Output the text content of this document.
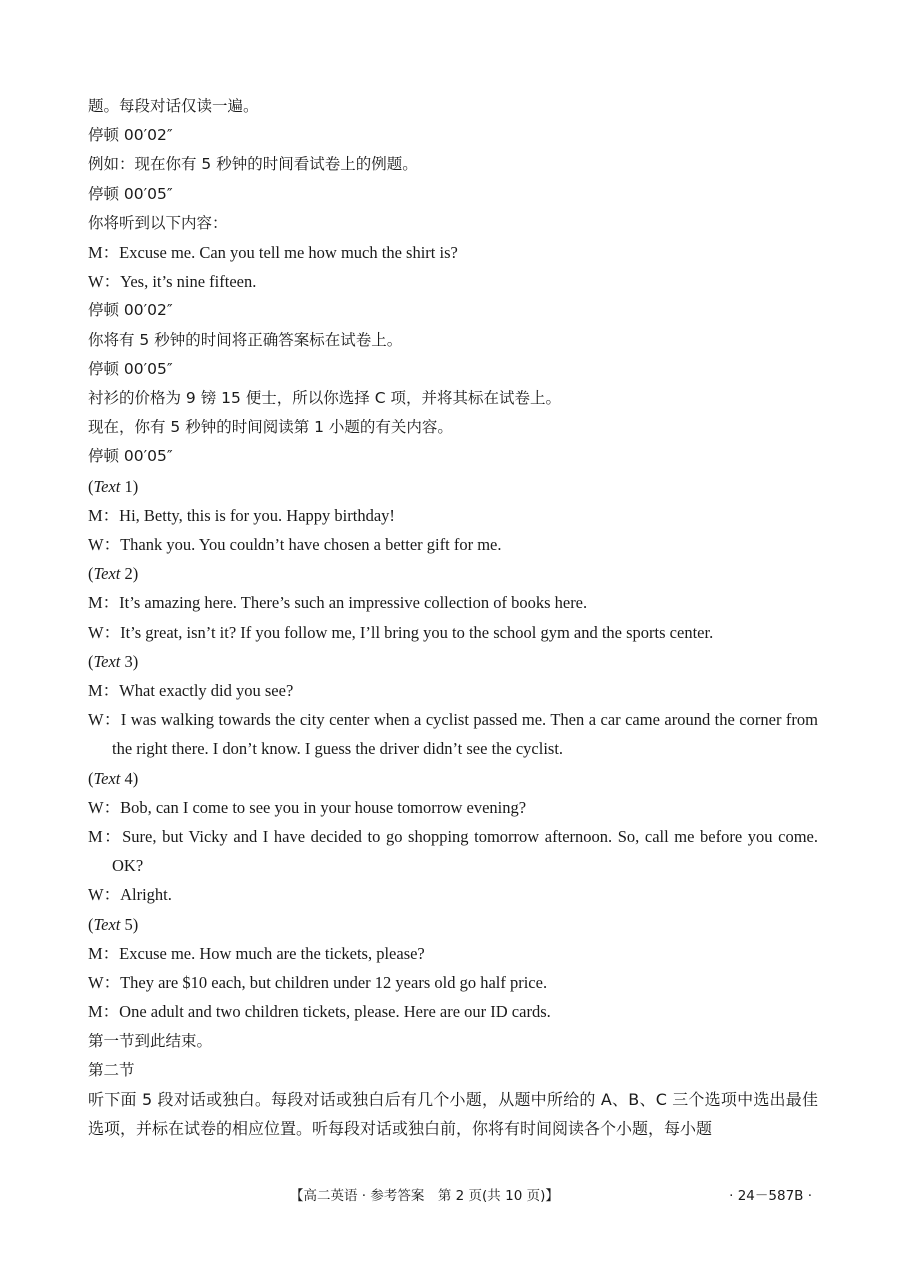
题。每段对话仅读一遍。
停顿 00′02″
例如：现在你有 5 秒钟的时间看试卷上的例题。
停顿 00′05″
你将听到以下内容：
M：Excuse me. Can you tell me how much the shirt is?
W：Yes, it’s nine fifteen.
停顿 00′02″
你将有 5 秒钟的时间将正确答案标在试卷上。
停顿 00′05″
衬衫的价格为 9 镑 15 便士，所以你选择 C 项，并将其标在试卷上。
现在，你有 5 秒钟的时间阅读第 1 小题的有关内容。
停顿 00′05″
(Text 1)
M：Hi, Betty, this is for you. Happy birthday!
W：Thank you. You couldn’t have chosen a better gift for me.
(Text 2)
M：It’s amazing here. There’s such an impressive collection of books here.
W：It’s great, isn’t it? If you follow me, I’ll bring you to the school gym and the sports center.
(Text 3)
M：What exactly did you see?
W：I was walking towards the city center when a cyclist passed me. Then a car came around the corner from the right there. I don’t know. I guess the driver didn’t see the cyclist.
(Text 4)
W：Bob, can I come to see you in your house tomorrow evening?
M：Sure, but Vicky and I have decided to go shopping tomorrow afternoon. So, call me before you come. OK?
W：Alright.
(Text 5)
M：Excuse me. How much are the tickets, please?
W：They are $10 each, but children under 12 years old go half price.
M：One adult and two children tickets, please. Here are our ID cards.
第一节到此结束。
第二节
听下面 5 段对话或独白。每段对话或独白后有几个小题，从题中所给的 A、B、C 三个选项中选出最佳选项，并标在试卷的相应位置。听每段对话或独白前，你将有时间阅读各个小题，每小题
【高二英语 · 参考答案　第 2 页(共 10 页)】	· 24－587B ·
